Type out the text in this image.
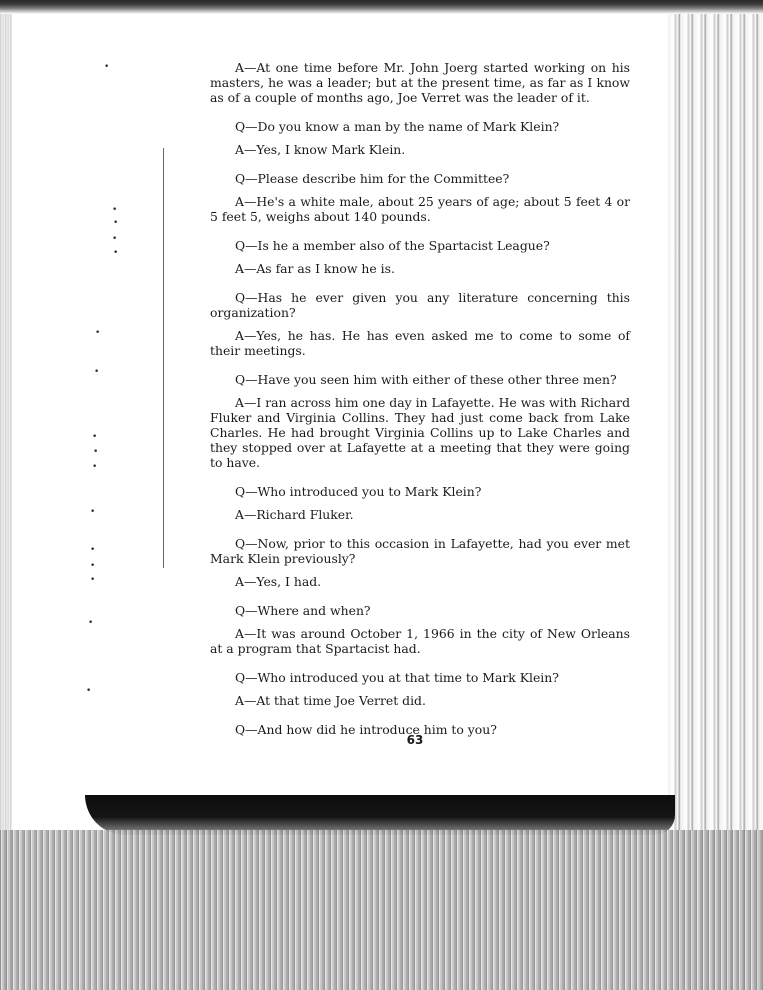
•
•
•
•
•
•
•
•
•
•
•
•
•
•
•
•

A—At one time before Mr. John Joerg started working on his masters, he was a leader; but at the present time, as far as I know as of a couple of months ago, Joe Verret was the leader of it.

Q—Do you know a man by the name of Mark Klein?

A—Yes, I know Mark Klein.

Q—Please describe him for the Committee?

A—He's a white male, about 25 years of age; about 5 feet 4 or 5 feet 5, weighs about 140 pounds.

Q—Is he a member also of the Spartacist League?

A—As far as I know he is.

Q—Has he ever given you any literature concerning this organization?

A—Yes, he has. He has even asked me to come to some of their meetings.

Q—Have you seen him with either of these other three men?

A—I ran across him one day in Lafayette. He was with Richard Fluker and Virginia Collins. They had just come back from Lake Charles. He had brought Virginia Collins up to Lake Charles and they stopped over at Lafayette at a meeting that they were going to have.

Q—Who introduced you to Mark Klein?

A—Richard Fluker.

Q—Now, prior to this occasion in Lafayette, had you ever met Mark Klein previously?

A—Yes, I had.

Q—Where and when?

A—It was around October 1, 1966 in the city of New Orleans at a program that Spartacist had.

Q—Who introduced you at that time to Mark Klein?

A—At that time Joe Verret did.

Q—And how did he introduce him to you?

63
